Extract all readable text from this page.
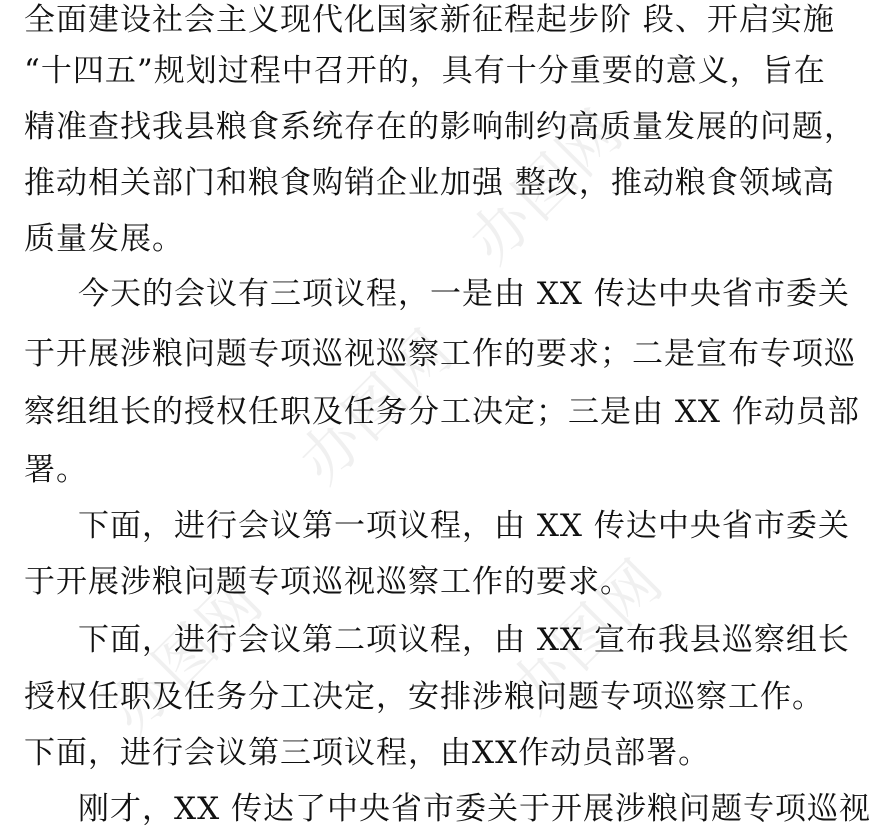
办图网
办图网
办图网
办图网
全面建设社会主义现代化国家新征程起步阶 段、开启实施
“十四五”规划过程中召开的，具有十分重要的意义，旨在
精准查找我县粮食系统存在的影响制约高质量发展的问题，
推动相关部门和粮食购销企业加强 整改，推动粮食领域高
质量发展。
今天的会议有三项议程，一是由 XX 传达中央省市委关
于开展涉粮问题专项巡视巡察工作的要求；二是宣布专项巡
察组组长的授权任职及任务分工决定；三是由 XX 作动员部
署。
下面，进行会议第一项议程，由 XX 传达中央省市委关
于开展涉粮问题专项巡视巡察工作的要求。
下面，进行会议第二项议程，由 XX 宣布我县巡察组长
授权任职及任务分工决定，安排涉粮问题专项巡察工作。
下面，进行会议第三项议程，由XX作动员部署。
刚才，XX 传达了中央省市委关于开展涉粮问题专项巡视
